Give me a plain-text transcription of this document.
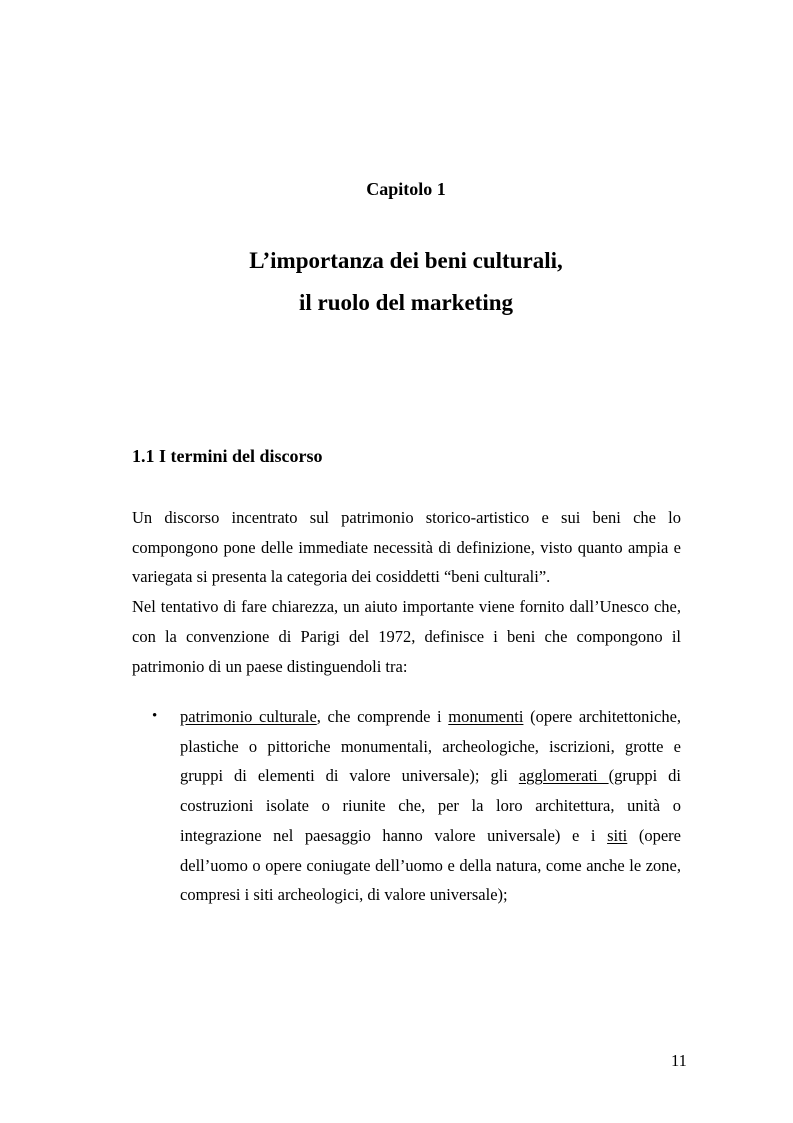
Capitolo 1
L’importanza dei beni culturali,
il ruolo del marketing
1.1 I termini del discorso

Un discorso incentrato sul patrimonio storico-artistico e sui beni che lo compongono pone delle immediate necessità di definizione, visto quanto ampia e variegata si presenta la categoria dei cosiddetti “beni culturali”.

Nel tentativo di fare chiarezza, un aiuto importante viene fornito dall’Unesco che, con la convenzione di Parigi del 1972, definisce i beni che compongono il patrimonio di un paese distinguendoli tra:

• patrimonio culturale, che comprende i monumenti (opere architettoniche, plastiche o pittoriche monumentali, archeologiche, iscrizioni, grotte e gruppi di elementi di valore universale); gli agglomerati (gruppi di costruzioni isolate o riunite che, per la loro architettura, unità o integrazione nel paesaggio hanno valore universale) e i siti (opere dell’uomo o opere coniugate dell’uomo e della natura, come anche le zone, compresi i siti archeologici, di valore universale);
11
